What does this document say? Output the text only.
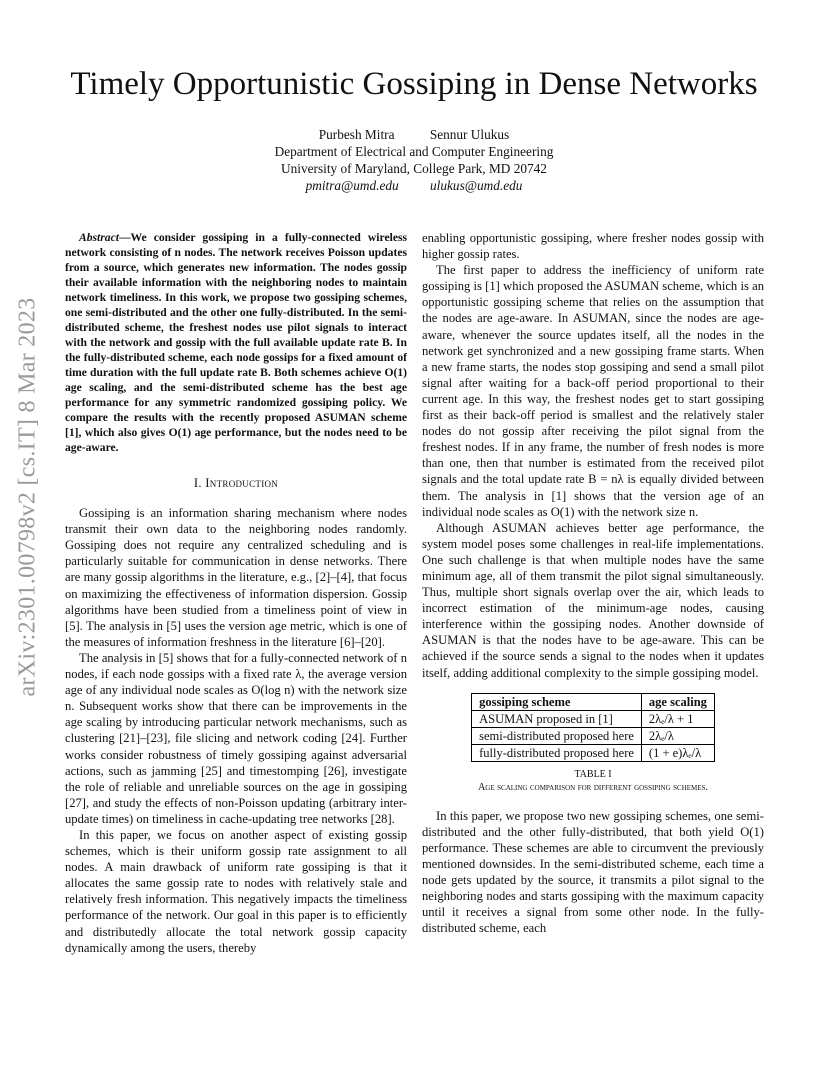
arXiv:2301.00798v2 [cs.IT] 8 Mar 2023
Timely Opportunistic Gossiping in Dense Networks
Purbesh Mitra	Sennur Ulukus
Department of Electrical and Computer Engineering
University of Maryland, College Park, MD 20742
pmitra@umd.edu ulukus@umd.edu

Abstract—We consider gossiping in a fully-connected wireless network consisting of n nodes. The network receives Poisson updates from a source, which generates new information. The nodes gossip their available information with the neighboring nodes to maintain network timeliness. In this work, we propose two gossiping schemes, one semi-distributed and the other one fully-distributed. In the semi-distributed scheme, the freshest nodes use pilot signals to interact with the network and gossip with the full available update rate B. In the fully-distributed scheme, each node gossips for a fixed amount of time duration with the full update rate B. Both schemes achieve O(1) age scaling, and the semi-distributed scheme has the best age performance for any symmetric randomized gossiping policy. We compare the results with the recently proposed ASUMAN scheme [1], which also gives O(1) age performance, but the nodes need to be age-aware.

I. Introduction

Gossiping is an information sharing mechanism where nodes transmit their own data to the neighboring nodes randomly. Gossiping does not require any centralized scheduling and is particularly suitable for communication in dense networks. There are many gossip algorithms in the literature, e.g., [2]–[4], that focus on maximizing the effectiveness of information dispersion. Gossip algorithms have been studied from a timeliness point of view in [5]. The analysis in [5] uses the version age metric, which is one of the measures of information freshness in the literature [6]–[20].

The analysis in [5] shows that for a fully-connected network of n nodes, if each node gossips with a fixed rate λ, the average version age of any individual node scales as O(log n) with the network size n. Subsequent works show that there can be improvements in the age scaling by introducing particular network mechanisms, such as clustering [21]–[23], file slicing and network coding [24]. Further works consider robustness of timely gossiping against adversarial actions, such as jamming [25] and timestomping [26], investigate the role of reliable and unreliable sources on the age in gossiping [27], and study the effects of non-Poisson updating (arbitrary inter-update times) on timeliness in cache-updating tree networks [28].

In this paper, we focus on another aspect of existing gossip schemes, which is their uniform gossip rate assignment to all nodes. A main drawback of uniform rate gossiping is that it allocates the same gossip rate to nodes with relatively stale and relatively fresh information. This negatively impacts the timeliness performance of the network. Our goal in this paper is to efficiently and distributedly allocate the total network gossip capacity dynamically among the users, thereby

enabling opportunistic gossiping, where fresher nodes gossip with higher gossip rates.

The first paper to address the inefficiency of uniform rate gossiping is [1] which proposed the ASUMAN scheme, which is an opportunistic gossiping scheme that relies on the assumption that the nodes are age-aware. In ASUMAN, since the nodes are age-aware, whenever the source updates itself, all the nodes in the network get synchronized and a new gossiping frame starts. When a new frame starts, the nodes stop gossiping and send a small pilot signal after waiting for a back-off period proportional to their current age. In this way, the freshest nodes get to start gossiping first as their back-off period is smallest and the relatively staler nodes do not gossip after receiving the pilot signal from the freshest nodes. If in any frame, the number of fresh nodes is more than one, then that number is estimated from the received pilot signals and the total update rate B = nλ is equally divided between them. The analysis in [1] shows that the version age of an individual node scales as O(1) with the network size n.

Although ASUMAN achieves better age performance, the system model poses some challenges in real-life implementations. One such challenge is that when multiple nodes have the same minimum age, all of them transmit the pilot signal simultaneously. Thus, multiple short signals overlap over the air, which leads to incorrect estimation of the minimum-age nodes, causing interference within the gossiping nodes. Another downside of ASUMAN is that the nodes have to be age-aware. This can be achieved if the source sends a signal to the nodes when it updates itself, adding additional complexity to the simple gossiping model.

gossiping scheme	age scaling
ASUMAN proposed in [1]	2λₑ/λ + 1
semi-distributed proposed here	2λₑ/λ
fully-distributed proposed here	(1 + e)λₑ/λ
TABLE I
Age scaling comparison for different gossiping schemes.

In this paper, we propose two new gossiping schemes, one semi-distributed and the other fully-distributed, that both yield O(1) performance. These schemes are able to circumvent the previously mentioned downsides. In the semi-distributed scheme, each time a node gets updated by the source, it transmits a pilot signal to the neighboring nodes and starts gossiping with the maximum capacity until it receives a signal from some other node. In the fully-distributed scheme, each
